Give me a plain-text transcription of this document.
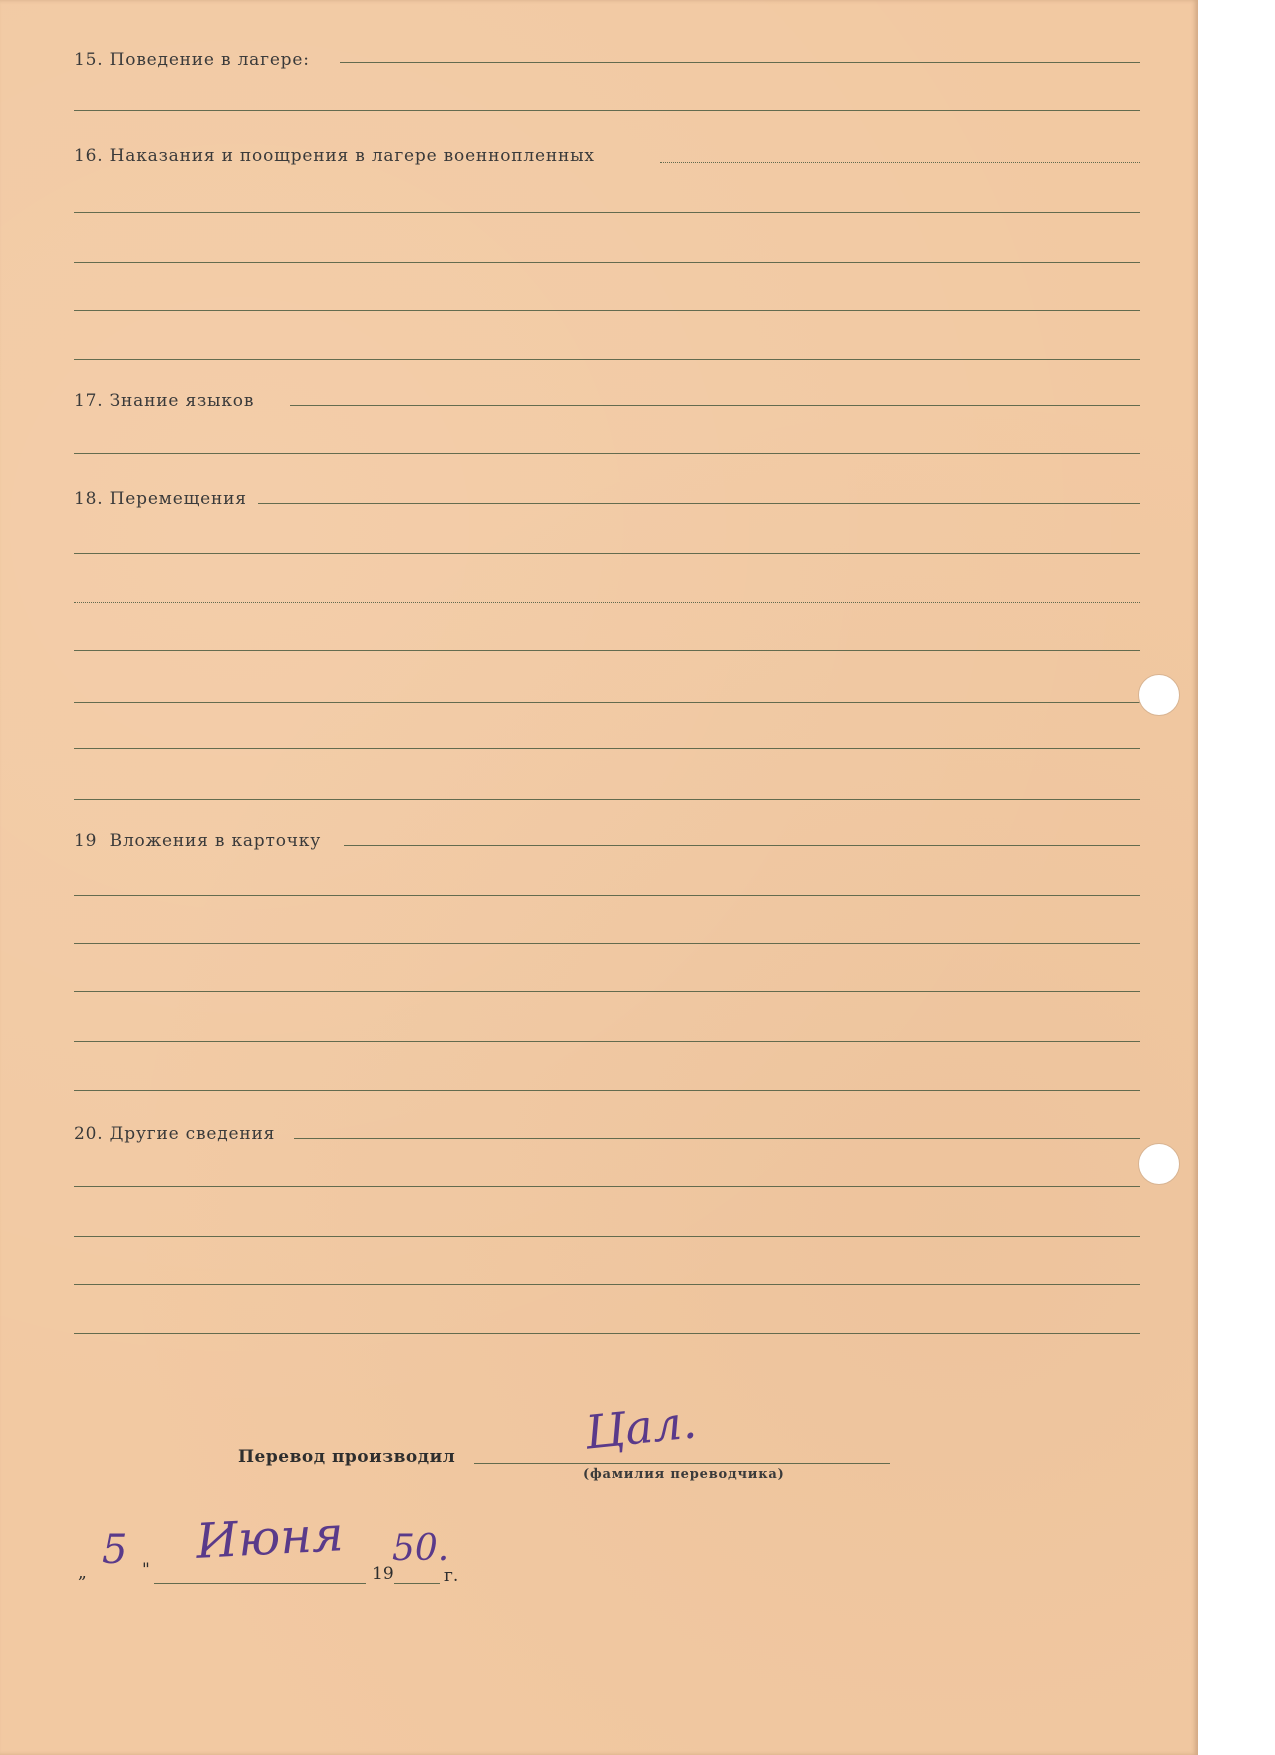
15. Поведение в лагере:
16. Наказания и поощрения в лагере военнопленных
17. Знание языков
18. Перемещения
19 Вложения в карточку
20. Другие сведения
Перевод производил	Цал.
(фамилия переводчика)
„ 5 "
Июня
19
50.
г.
